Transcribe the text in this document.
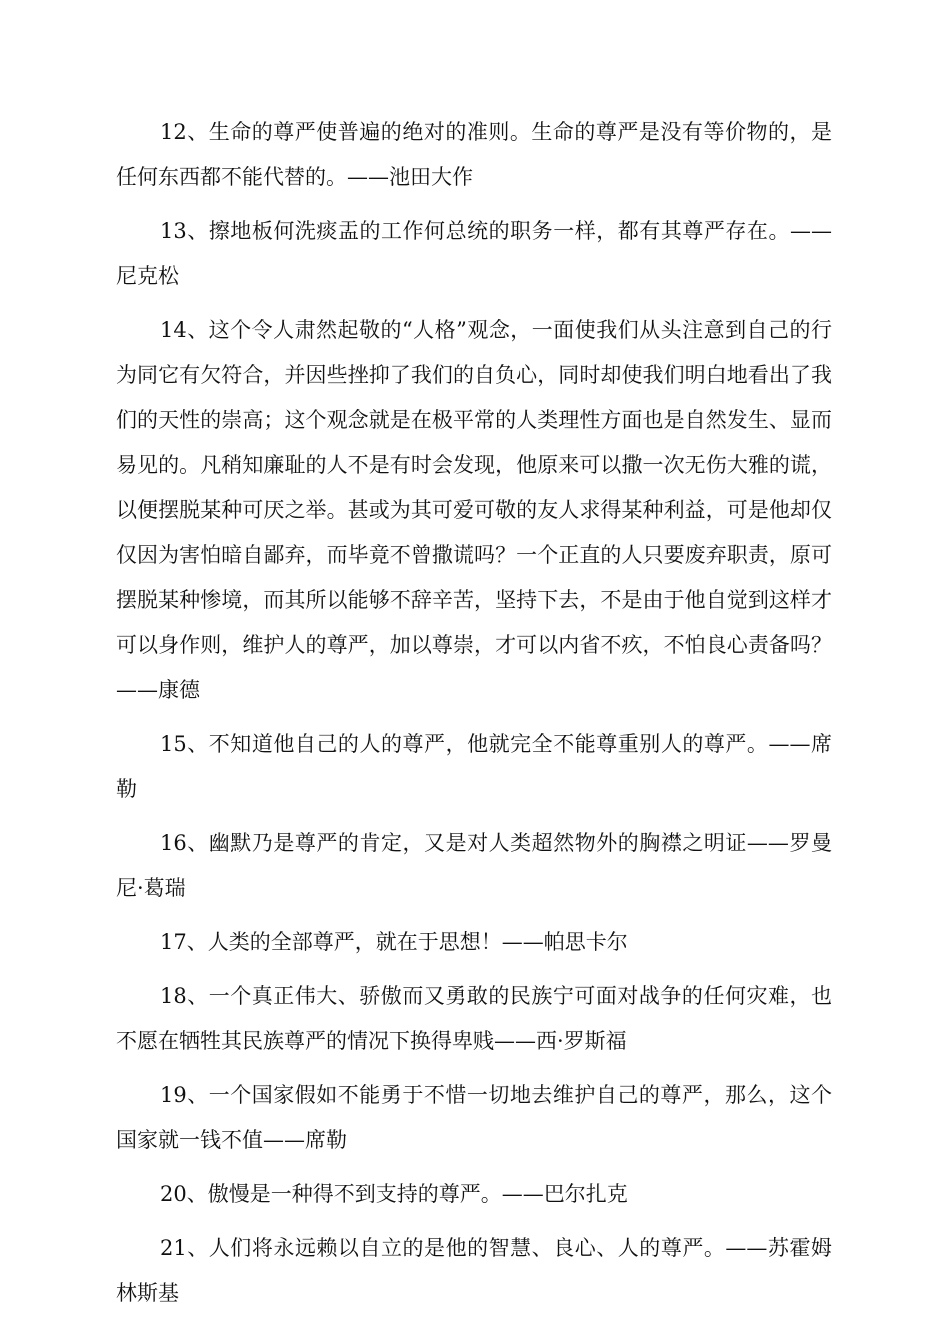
12、生命的尊严使普遍的绝对的准则。生命的尊严是没有等价物的，是任何东西都不能代替的。——池田大作

13、擦地板何洗痰盂的工作何总统的职务一样，都有其尊严存在。——尼克松

14、这个令人肃然起敬的“人格”观念，一面使我们从头注意到自己的行为同它有欠符合，并因些挫抑了我们的自负心，同时却使我们明白地看出了我们的天性的崇高；这个观念就是在极平常的人类理性方面也是自然发生、显而易见的。凡稍知廉耻的人不是有时会发现，他原来可以撒一次无伤大雅的谎，以便摆脱某种可厌之举。甚或为其可爱可敬的友人求得某种利益，可是他却仅仅因为害怕暗自鄙弃，而毕竟不曾撒谎吗？一个正直的人只要废弃职责，原可摆脱某种惨境，而其所以能够不辞辛苦，坚持下去，不是由于他自觉到这样才可以身作则，维护人的尊严，加以尊崇，才可以内省不疚，不怕良心责备吗？——康德

15、不知道他自己的人的尊严，他就完全不能尊重别人的尊严。——席勒

16、幽默乃是尊严的肯定，又是对人类超然物外的胸襟之明证——罗曼尼·葛瑞

17、人类的全部尊严，就在于思想！——帕思卡尔

18、一个真正伟大、骄傲而又勇敢的民族宁可面对战争的任何灾难，也不愿在牺牲其民族尊严的情况下换得卑贱——西·罗斯福

19、一个国家假如不能勇于不惜一切地去维护自己的尊严，那么，这个国家就一钱不值——席勒

20、傲慢是一种得不到支持的尊严。——巴尔扎克

21、人们将永远赖以自立的是他的智慧、良心、人的尊严。——苏霍姆林斯基
